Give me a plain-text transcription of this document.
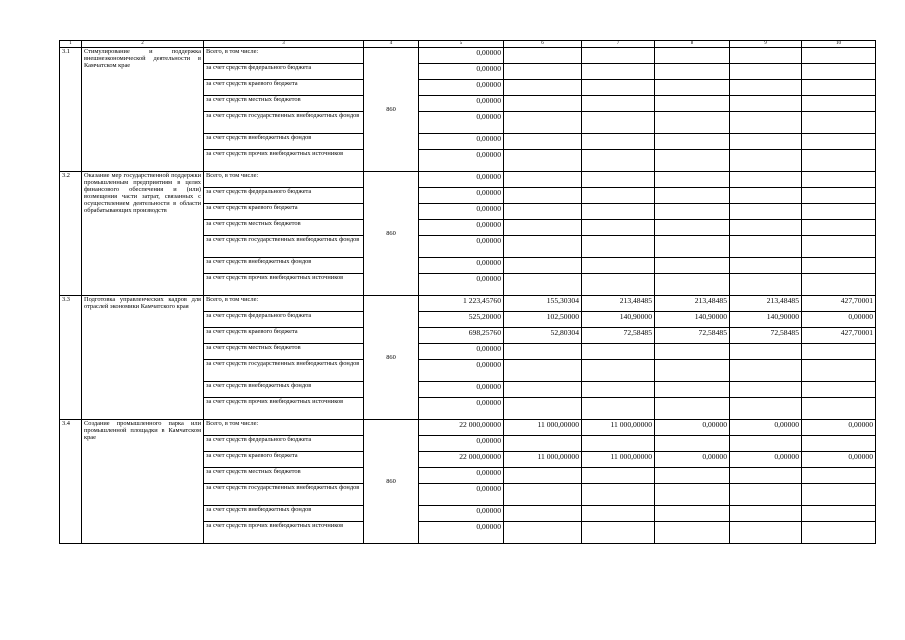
1	2	3	4	5	6	7	8	9	10
3.1	Стимулирование и поддержка внешнеэкономической деятельности в Камчатском крае	Всего, в том числе:	860	0,00000					
		за счет средств федерального бюджета		0,00000					
		за счет средств краевого бюджета		0,00000					
		за счет средств местных бюджетов		0,00000					
		за счет средств государственных внебюджетных фондов		0,00000					
		за счет средств внебюджетных фондов		0,00000					
		за счет средств прочих внебюджетных источников		0,00000					
3.2	Оказание мер государственной поддержки промышленным предприятиям в целях финансового обеспечения и (или) возмещения части затрат, связанных с осуществлением деятельности в области обрабатывающих производств	Всего, в том числе:	860	0,00000					
		за счет средств федерального бюджета		0,00000					
		за счет средств краевого бюджета		0,00000					
		за счет средств местных бюджетов		0,00000					
		за счет средств государственных внебюджетных фондов		0,00000					
		за счет средств внебюджетных фондов		0,00000					
		за счет средств прочих внебюджетных источников		0,00000					
3.3	Подготовка управленческих кадров для отраслей экономики Камчатского края	Всего, в том числе:	860	1 223,45760	155,30304	213,48485	213,48485	213,48485	427,70001
		за счет средств федерального бюджета		525,20000	102,50000	140,90000	140,90000	140,90000	0,00000
		за счет средств краевого бюджета		698,25760	52,80304	72,58485	72,58485	72,58485	427,70001
		за счет средств местных бюджетов		0,00000					
		за счет средств государственных внебюджетных фондов		0,00000					
		за счет средств внебюджетных фондов		0,00000					
		за счет средств прочих внебюджетных источников		0,00000					
3.4	Создание промышленного парка или промышленной площадки в Камчатском крае	Всего, в том числе:	860	22 000,00000	11 000,00000	11 000,00000	0,00000	0,00000	0,00000
		за счет средств федерального бюджета		0,00000					
		за счет средств краевого бюджета		22 000,00000	11 000,00000	11 000,00000	0,00000	0,00000	0,00000
		за счет средств местных бюджетов		0,00000					
		за счет средств государственных внебюджетных фондов		0,00000					
		за счет средств внебюджетных фондов		0,00000					
		за счет средств прочих внебюджетных источников		0,00000					
